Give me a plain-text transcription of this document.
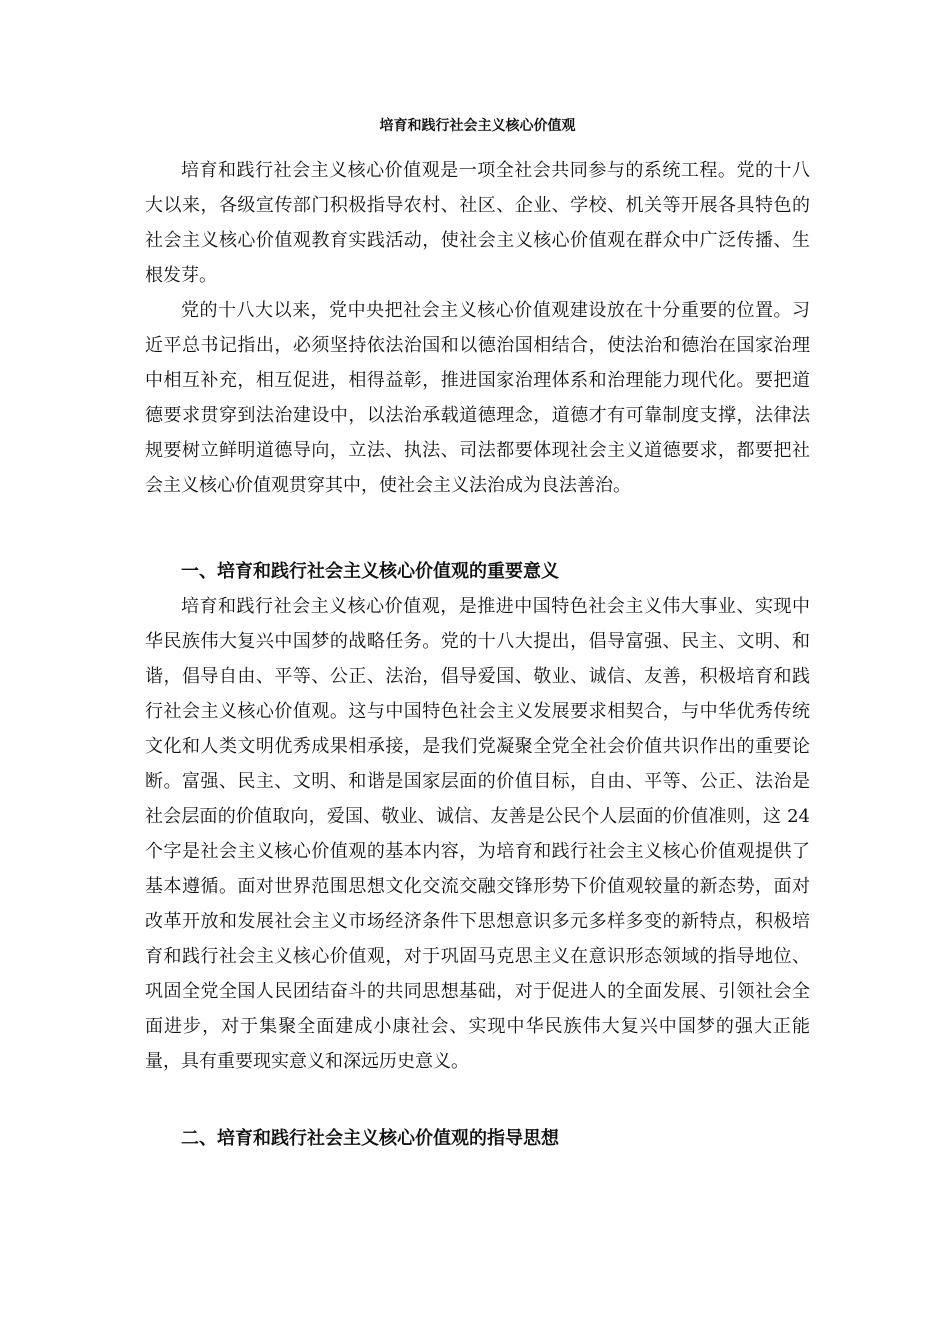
培育和践行社会主义核心价值观

培育和践行社会主义核心价值观是一项全社会共同参与的系统工程。党的十八大以来，各级宣传部门积极指导农村、社区、企业、学校、机关等开展各具特色的社会主义核心价值观教育实践活动，使社会主义核心价值观在群众中广泛传播、生根发芽。

党的十八大以来，党中央把社会主义核心价值观建设放在十分重要的位置。习近平总书记指出，必须坚持依法治国和以德治国相结合，使法治和德治在国家治理中相互补充，相互促进，相得益彰，推进国家治理体系和治理能力现代化。要把道德要求贯穿到法治建设中，以法治承载道德理念，道德才有可靠制度支撑，法律法规要树立鲜明道德导向，立法、执法、司法都要体现社会主义道德要求，都要把社会主义核心价值观贯穿其中，使社会主义法治成为良法善治。

一、培育和践行社会主义核心价值观的重要意义

培育和践行社会主义核心价值观，是推进中国特色社会主义伟大事业、实现中华民族伟大复兴中国梦的战略任务。党的十八大提出，倡导富强、民主、文明、和谐，倡导自由、平等、公正、法治，倡导爱国、敬业、诚信、友善，积极培育和践行社会主义核心价值观。这与中国特色社会主义发展要求相契合，与中华优秀传统文化和人类文明优秀成果相承接，是我们党凝聚全党全社会价值共识作出的重要论断。富强、民主、文明、和谐是国家层面的价值目标，自由、平等、公正、法治是社会层面的价值取向，爱国、敬业、诚信、友善是公民个人层面的价值准则，这 24 个字是社会主义核心价值观的基本内容，为培育和践行社会主义核心价值观提供了基本遵循。面对世界范围思想文化交流交融交锋形势下价值观较量的新态势，面对改革开放和发展社会主义市场经济条件下思想意识多元多样多变的新特点，积极培育和践行社会主义核心价值观，对于巩固马克思主义在意识形态领域的指导地位、巩固全党全国人民团结奋斗的共同思想基础，对于促进人的全面发展、引领社会全面进步，对于集聚全面建成小康社会、实现中华民族伟大复兴中国梦的强大正能量，具有重要现实意义和深远历史意义。

二、培育和践行社会主义核心价值观的指导思想
